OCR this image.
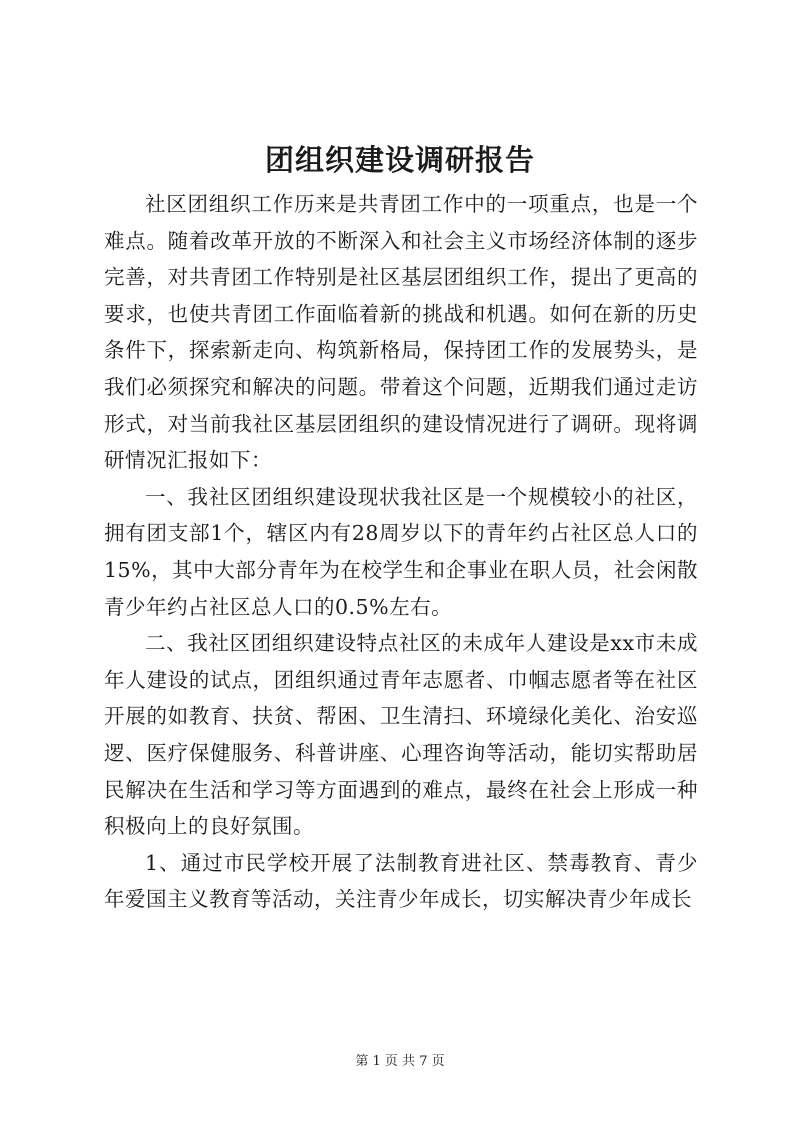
团组织建设调研报告

社区团组织工作历来是共青团工作中的一项重点，也是一个难点。随着改革开放的不断深入和社会主义市场经济体制的逐步完善，对共青团工作特别是社区基层团组织工作，提出了更高的要求，也使共青团工作面临着新的挑战和机遇。如何在新的历史条件下，探索新走向、构筑新格局，保持团工作的发展势头，是我们必须探究和解决的问题。带着这个问题，近期我们通过走访形式，对当前我社区基层团组织的建设情况进行了调研。现将调研情况汇报如下：

一、我社区团组织建设现状我社区是一个规模较小的社区，拥有团支部1个，辖区内有28周岁以下的青年约占社区总人口的15%，其中大部分青年为在校学生和企事业在职人员，社会闲散青少年约占社区总人口的0.5%左右。

二、我社区团组织建设特点社区的未成年人建设是xx市未成年人建设的试点，团组织通过青年志愿者、巾帼志愿者等在社区开展的如教育、扶贫、帮困、卫生清扫、环境绿化美化、治安巡逻、医疗保健服务、科普讲座、心理咨询等活动，能切实帮助居民解决在生活和学习等方面遇到的难点，最终在社会上形成一种积极向上的良好氛围。

1、通过市民学校开展了法制教育进社区、禁毒教育、青少年爱国主义教育等活动，关注青少年成长，切实解决青少年成长

第 1 页 共 7 页
